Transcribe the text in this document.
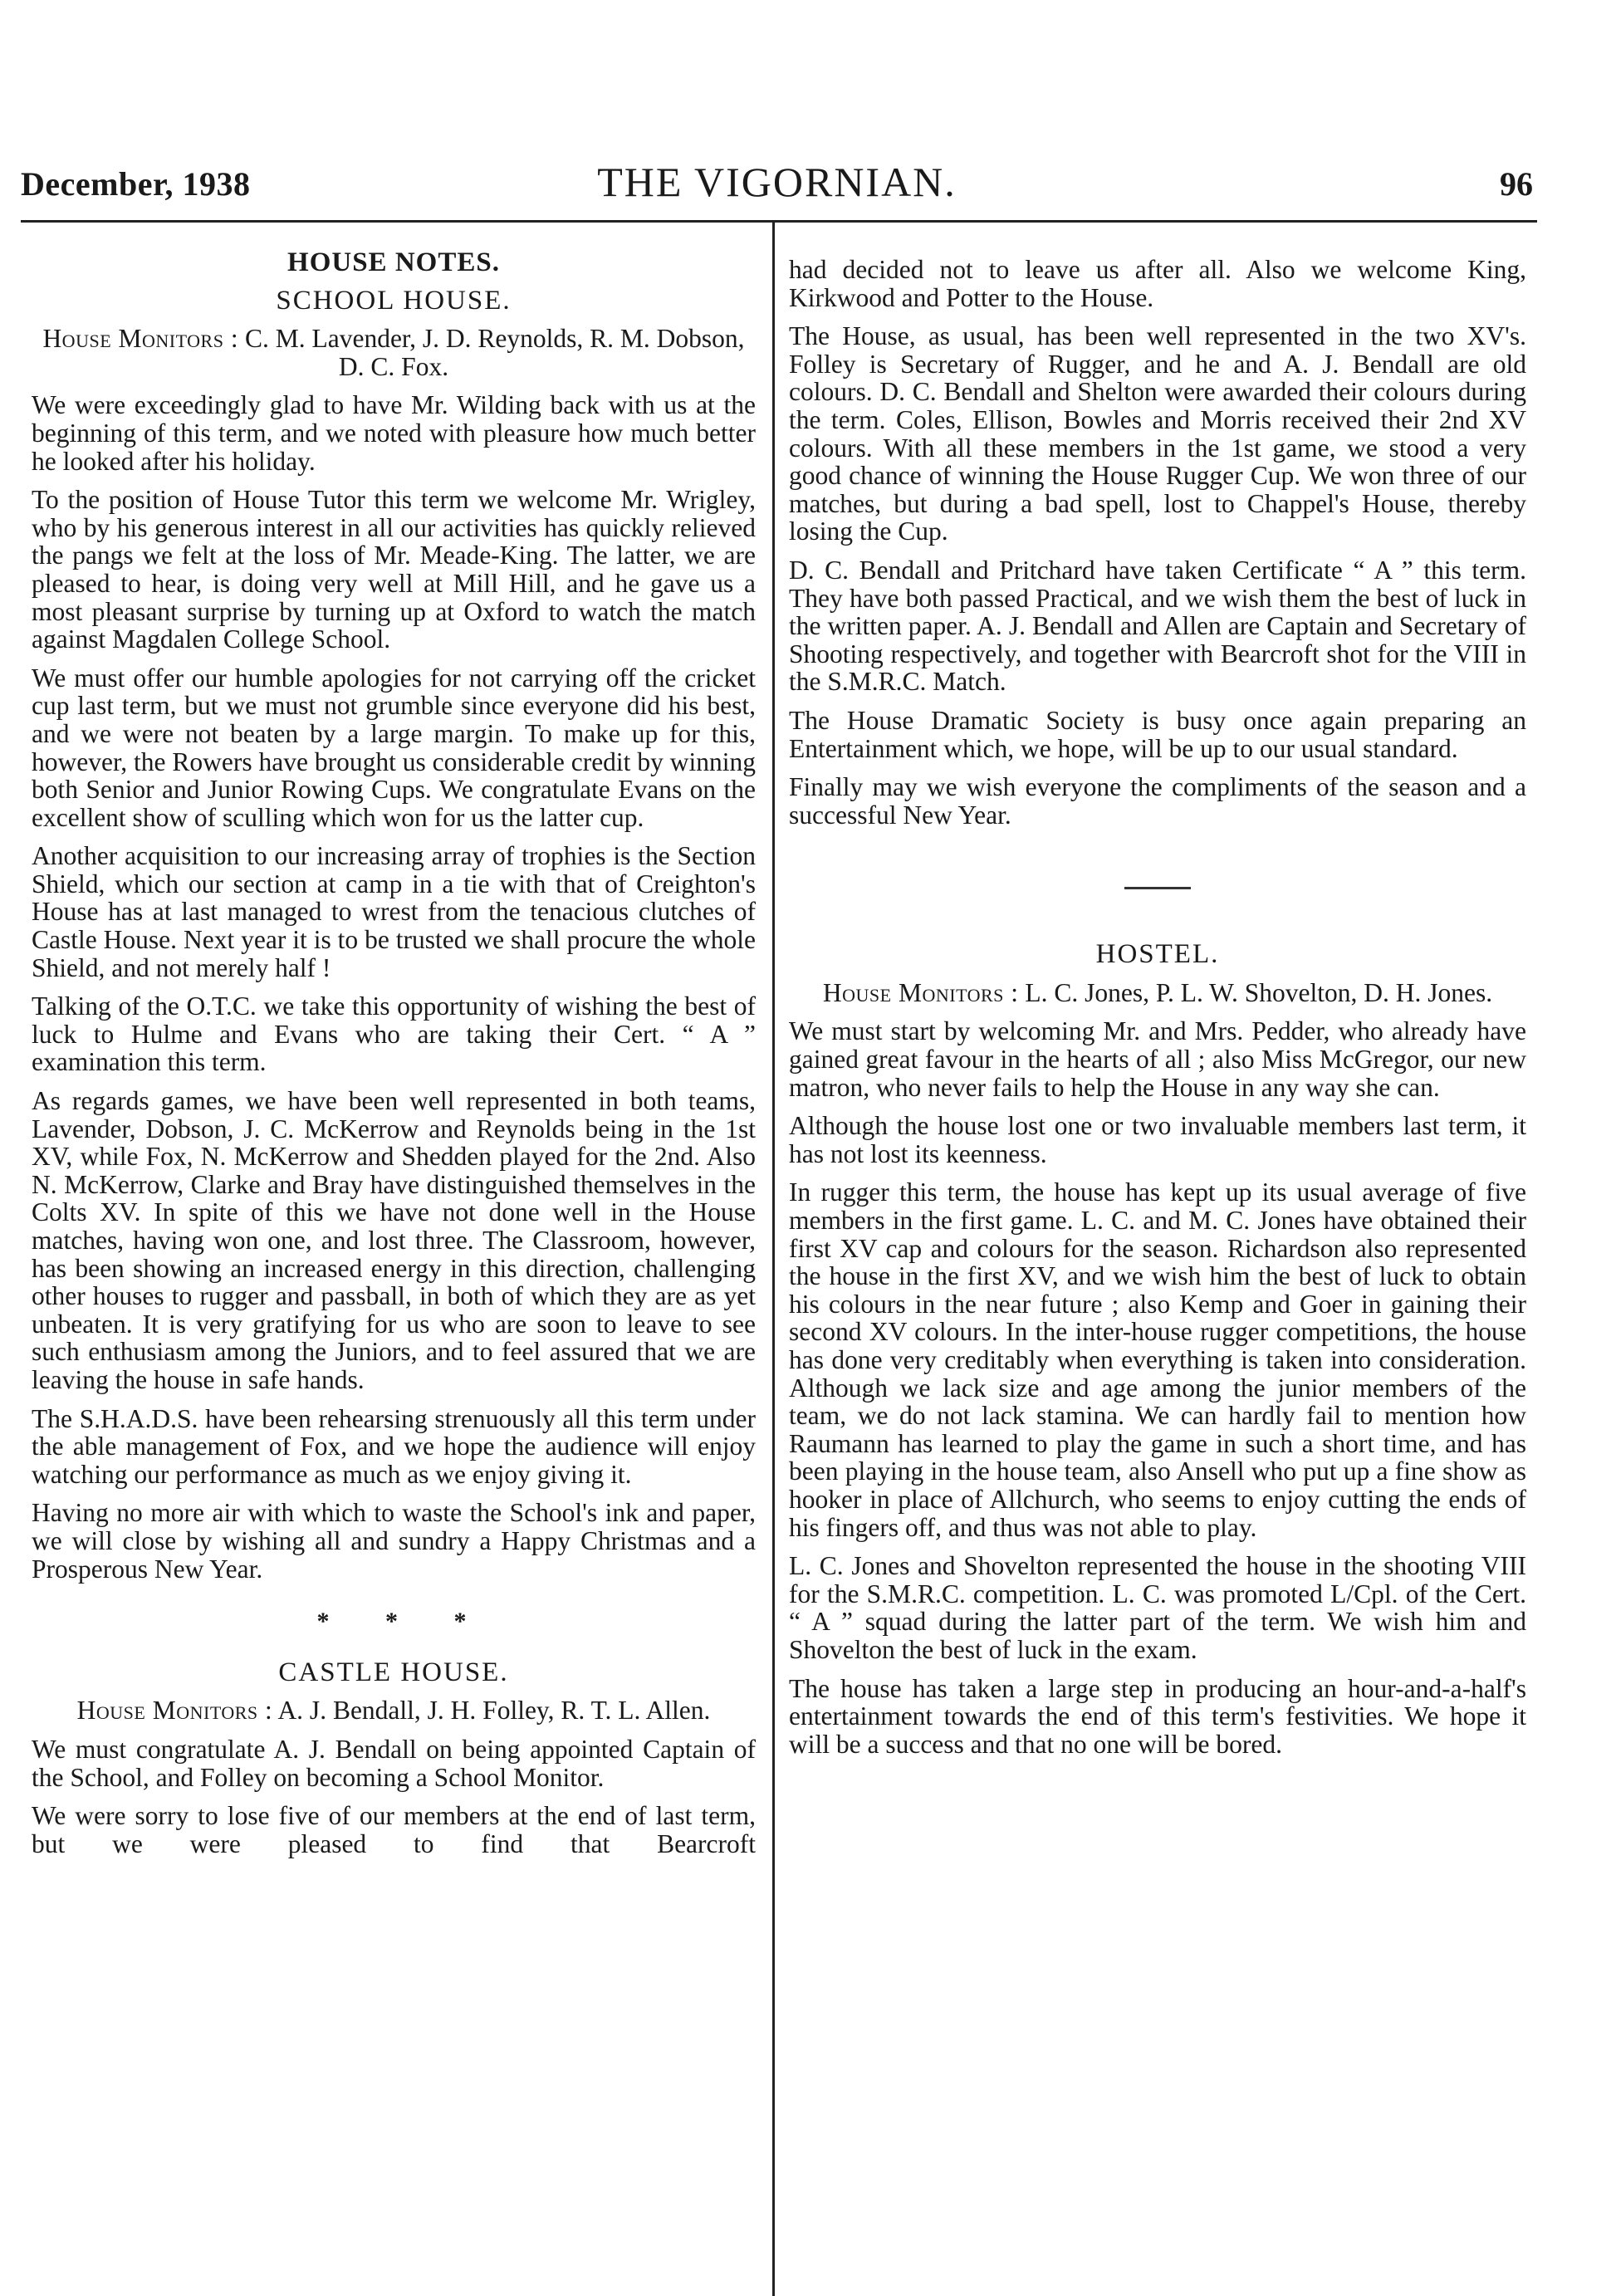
December, 1938	THE VIGORNIAN.	96
HOUSE NOTES.
SCHOOL HOUSE.
House Monitors : C. M. Lavender, J. D. Reynolds, R. M. Dobson, D. C. Fox.

We were exceedingly glad to have Mr. Wilding back with us at the beginning of this term, and we noted with pleasure how much better he looked after his holiday.

To the position of House Tutor this term we welcome Mr. Wrigley, who by his generous interest in all our activities has quickly relieved the pangs we felt at the loss of Mr. Meade-King. The latter, we are pleased to hear, is doing very well at Mill Hill, and he gave us a most pleasant surprise by turning up at Oxford to watch the match against Magdalen College School.

We must offer our humble apologies for not carrying off the cricket cup last term, but we must not grumble since everyone did his best, and we were not beaten by a large margin. To make up for this, however, the Rowers have brought us considerable credit by winning both Senior and Junior Rowing Cups. We congratulate Evans on the excellent show of sculling which won for us the latter cup.

Another acquisition to our increasing array of trophies is the Section Shield, which our section at camp in a tie with that of Creighton's House has at last managed to wrest from the tenacious clutches of Castle House. Next year it is to be trusted we shall procure the whole Shield, and not merely half !

Talking of the O.T.C. we take this opportunity of wishing the best of luck to Hulme and Evans who are taking their Cert. “ A ” examination this term.

As regards games, we have been well represented in both teams, Lavender, Dobson, J. C. McKerrow and Reynolds being in the 1st XV, while Fox, N. McKerrow and Shedden played for the 2nd. Also N. McKerrow, Clarke and Bray have distinguished themselves in the Colts XV. In spite of this we have not done well in the House matches, having won one, and lost three. The Classroom, however, has been showing an increased energy in this direction, challenging other houses to rugger and passball, in both of which they are as yet unbeaten. It is very gratifying for us who are soon to leave to see such enthusiasm among the Juniors, and to feel assured that we are leaving the house in safe hands.

The S.H.A.D.S. have been rehearsing strenuously all this term under the able management of Fox, and we hope the audience will enjoy watching our performance as much as we enjoy giving it.

Having no more air with which to waste the School's ink and paper, we will close by wishing all and sundry a Happy Christmas and a Prosperous New Year.

* * *
CASTLE HOUSE.
House Monitors : A. J. Bendall, J. H. Folley, R. T. L. Allen.

We must congratulate A. J. Bendall on being appointed Captain of the School, and Folley on becoming a School Monitor.

We were sorry to lose five of our members at the end of last term, but we were pleased to find that Bearcroft

had decided not to leave us after all. Also we welcome King, Kirkwood and Potter to the House.

The House, as usual, has been well represented in the two XV's. Folley is Secretary of Rugger, and he and A. J. Bendall are old colours. D. C. Bendall and Shelton were awarded their colours during the term. Coles, Ellison, Bowles and Morris received their 2nd XV colours. With all these members in the 1st game, we stood a very good chance of winning the House Rugger Cup. We won three of our matches, but during a bad spell, lost to Chappel's House, thereby losing the Cup.

D. C. Bendall and Pritchard have taken Certificate “ A ” this term. They have both passed Practical, and we wish them the best of luck in the written paper. A. J. Bendall and Allen are Captain and Secretary of Shooting respectively, and together with Bearcroft shot for the VIII in the S.M.R.C. Match.

The House Dramatic Society is busy once again preparing an Entertainment which, we hope, will be up to our usual standard.

Finally may we wish everyone the compliments of the season and a successful New Year.

HOSTEL.
House Monitors : L. C. Jones, P. L. W. Shovelton, D. H. Jones.

We must start by welcoming Mr. and Mrs. Pedder, who already have gained great favour in the hearts of all ; also Miss McGregor, our new matron, who never fails to help the House in any way she can.

Although the house lost one or two invaluable members last term, it has not lost its keenness.

In rugger this term, the house has kept up its usual average of five members in the first game. L. C. and M. C. Jones have obtained their first XV cap and colours for the season. Richardson also represented the house in the first XV, and we wish him the best of luck to obtain his colours in the near future ; also Kemp and Goer in gaining their second XV colours. In the inter-house rugger competitions, the house has done very creditably when everything is taken into consideration. Although we lack size and age among the junior members of the team, we do not lack stamina. We can hardly fail to mention how Raumann has learned to play the game in such a short time, and has been playing in the house team, also Ansell who put up a fine show as hooker in place of Allchurch, who seems to enjoy cutting the ends of his fingers off, and thus was not able to play.

L. C. Jones and Shovelton represented the house in the shooting VIII for the S.M.R.C. competition. L. C. was promoted L/Cpl. of the Cert. “ A ” squad during the latter part of the term. We wish him and Shovelton the best of luck in the exam.

The house has taken a large step in producing an hour-and-a-half's entertainment towards the end of this term's festivities. We hope it will be a success and that no one will be bored.
